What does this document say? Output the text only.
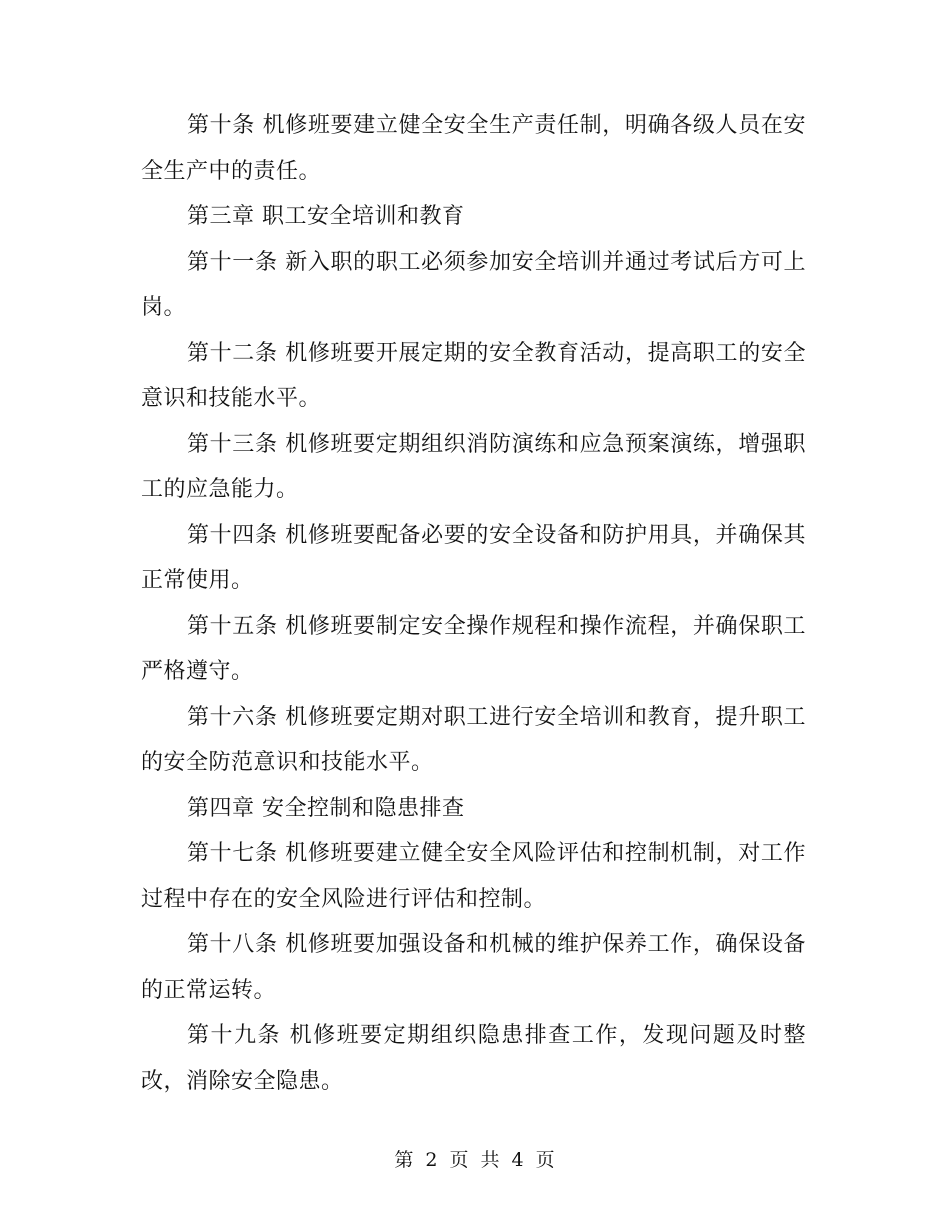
第十条 机修班要建立健全安全生产责任制，明确各级人员在安全生产中的责任。

第三章 职工安全培训和教育

第十一条 新入职的职工必须参加安全培训并通过考试后方可上岗。

第十二条 机修班要开展定期的安全教育活动，提高职工的安全意识和技能水平。

第十三条 机修班要定期组织消防演练和应急预案演练，增强职工的应急能力。

第十四条 机修班要配备必要的安全设备和防护用具，并确保其正常使用。

第十五条 机修班要制定安全操作规程和操作流程，并确保职工严格遵守。

第十六条 机修班要定期对职工进行安全培训和教育，提升职工的安全防范意识和技能水平。

第四章 安全控制和隐患排查

第十七条 机修班要建立健全安全风险评估和控制机制，对工作过程中存在的安全风险进行评估和控制。

第十八条 机修班要加强设备和机械的维护保养工作，确保设备的正常运转。

第十九条 机修班要定期组织隐患排查工作，发现问题及时整改，消除安全隐患。

第 2 页 共 4 页
